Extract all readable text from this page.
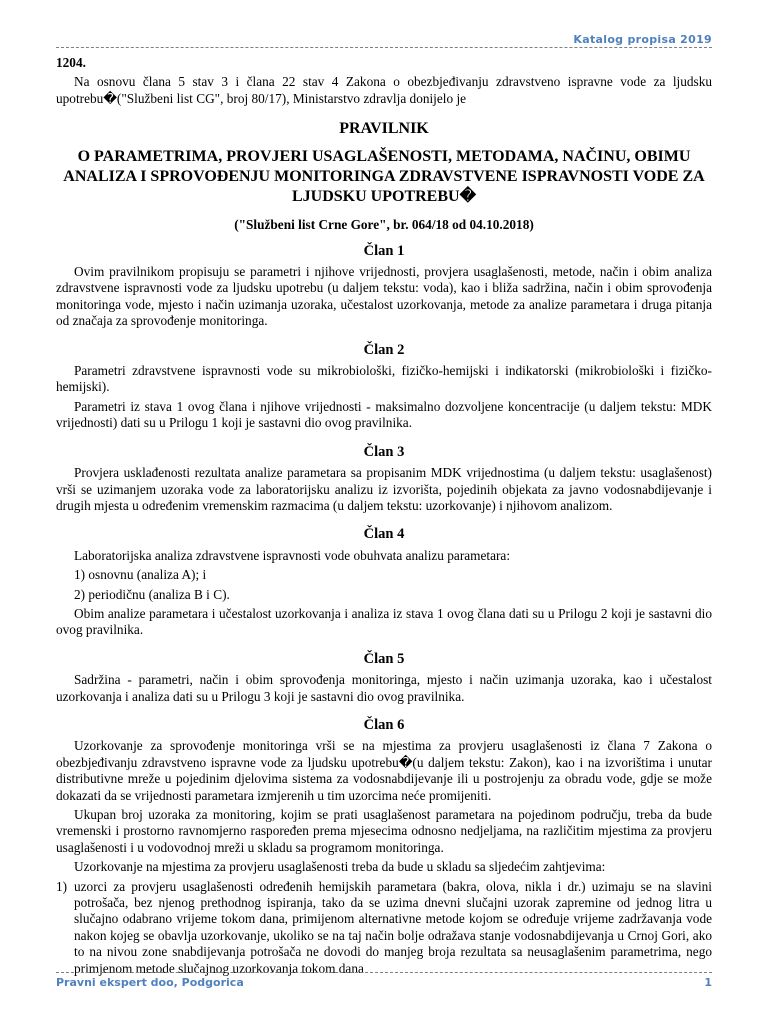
Katalog propisa 2019
1204.

Na osnovu člana 5 stav 3 i člana 22 stav 4 Zakona o obezbjeđivanju zdravstveno ispravne vode za ljudsku upotrebu�("Službeni list CG", broj 80/17), Ministarstvo zdravlja donijelo je

PRAVILNIK
O PARAMETRIMA, PROVJERI USAGLAŠENOSTI, METODAMA, NAČINU, OBIMU ANALIZA I SPROVOĐENJU MONITORINGA ZDRAVSTVENE ISPRAVNOSTI VODE ZA LJUDSKU UPOTREBU�
("Službeni list Crne Gore", br. 064/18 od 04.10.2018)
Član 1

Ovim pravilnikom propisuju se parametri i njihove vrijednosti, provjera usaglašenosti, metode, način i obim analiza zdravstvene ispravnosti vode za ljudsku upotrebu (u daljem tekstu: voda), kao i bliža sadržina, način i obim sprovođenja monitoringa vode, mjesto i način uzimanja uzoraka, učestalost uzorkovanja, metode za analize parametara i druga pitanja od značaja za sprovođenje monitoringa.

Član 2

Parametri zdravstvene ispravnosti vode su mikrobiološki, fizičko-hemijski i indikatorski (mikrobiološki i fizičko-hemijski).

Parametri iz stava 1 ovog člana i njihove vrijednosti - maksimalno dozvoljene koncentracije (u daljem tekstu: MDK vrijednosti) dati su u Prilogu 1 koji je sastavni dio ovog pravilnika.

Član 3

Provjera usklađenosti rezultata analize parametara sa propisanim MDK vrijednostima (u daljem tekstu: usaglašenost) vrši se uzimanjem uzoraka vode za laboratorijsku analizu iz izvorišta, pojedinih objekata za javno vodosnabdijevanje i drugih mjesta u određenim vremenskim razmacima (u daljem tekstu: uzorkovanje) i njihovom analizom.

Član 4

Laboratorijska analiza zdravstvene ispravnosti vode obuhvata analizu parametara:

1) osnovnu (analiza A); i
2) periodičnu (analiza B i C).

Obim analize parametara i učestalost uzorkovanja i analiza iz stava 1 ovog člana dati su u Prilogu 2 koji je sastavni dio ovog pravilnika.

Član 5

Sadržina - parametri, način i obim sprovođenja monitoringa, mjesto i način uzimanja uzoraka, kao i učestalost uzorkovanja i analiza dati su u Prilogu 3 koji je sastavni dio ovog pravilnika.

Član 6

Uzorkovanje za sprovođenje monitoringa vrši se na mjestima za provjeru usaglašenosti iz člana 7 Zakona o obezbjeđivanju zdravstveno ispravne vode za ljudsku upotrebu�(u daljem tekstu: Zakon), kao i na izvorištima i unutar distributivne mreže u pojedinim djelovima sistema za vodosnabdijevanje ili u postrojenju za obradu vode, gdje se može dokazati da se vrijednosti parametara izmjerenih u tim uzorcima neće promijeniti.

Ukupan broj uzoraka za monitoring, kojim se prati usaglašenost parametara na pojedinom području, treba da bude vremenski i prostorno ravnomjerno raspoređen prema mjesecima odnosno nedjeljama, na različitim mjestima za provjeru usaglašenosti i u vodovodnoj mreži u skladu sa programom monitoringa.

Uzorkovanje na mjestima za provjeru usaglašenosti treba da bude u skladu sa sljedećim zahtjevima:

1) uzorci za provjeru usaglašenosti određenih hemijskih parametara (bakra, olova, nikla i dr.) uzimaju se na slavini potrošača, bez njenog prethodnog ispiranja, tako da se uzima dnevni slučajni uzorak zapremine od jednog litra u slučajno odabrano vrijeme tokom dana, primijenom alternativne metode kojom se određuje vrijeme zadržavanja vode nakon kojeg se obavlja uzorkovanje, ukoliko se na taj način bolje odražava stanje vodosnabdijevanja u Crnoj Gori, ako to na nivou zone snabdijevanja potrošača ne dovodi do manjeg broja rezultata sa neusaglašenim parametrima, nego primjenom metode slučajnog uzorkovanja tokom dana
Pravni ekspert doo, Podgorica	1
